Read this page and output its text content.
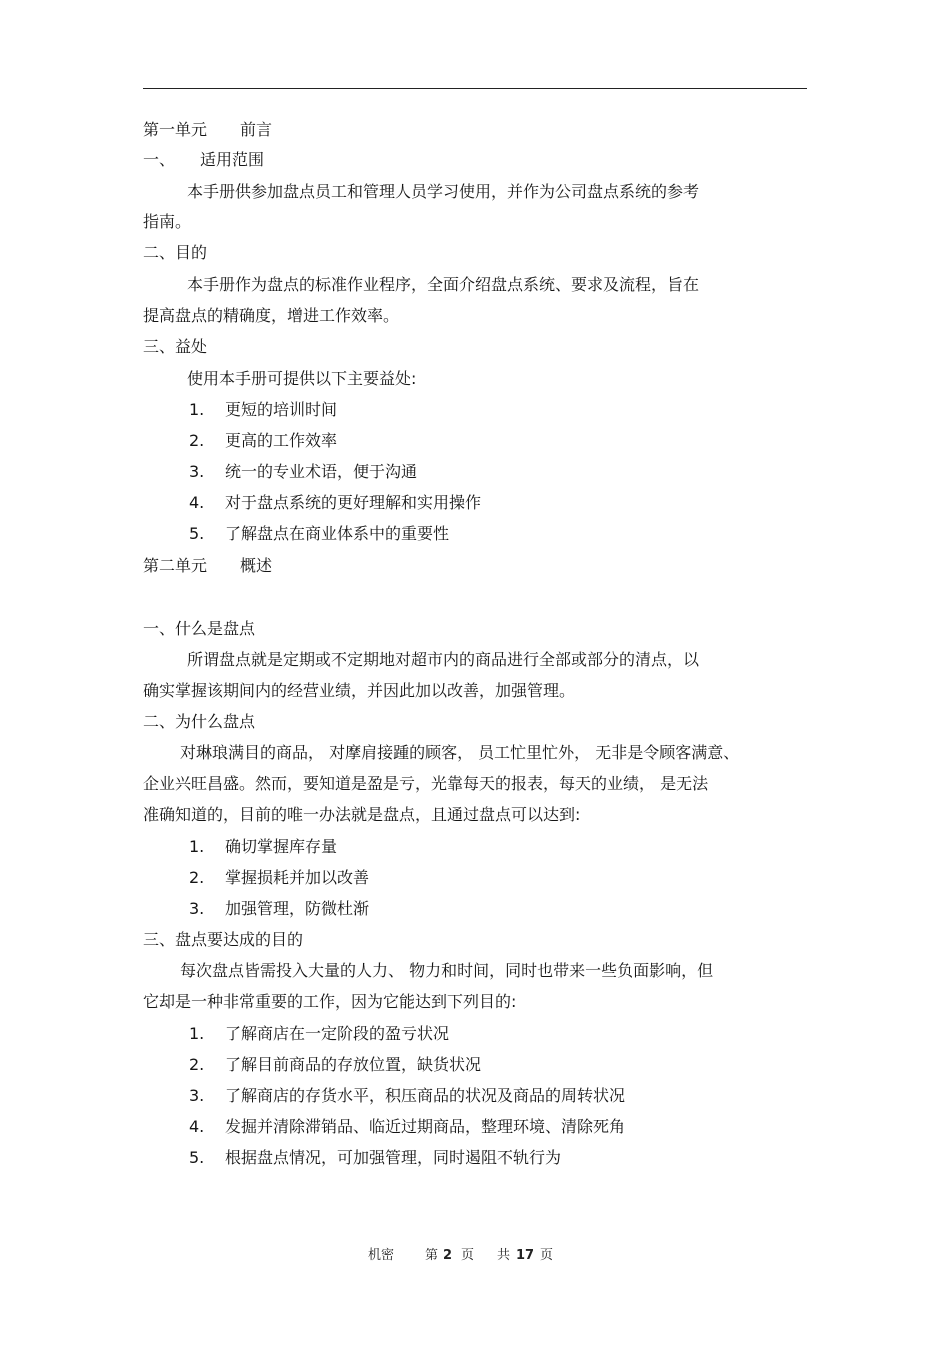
第一单元 前言
一、 适用范围
本手册供参加盘点员工和管理人员学习使用，并作为公司盘点系统的参考
指南。
二、目的
本手册作为盘点的标准作业程序，全面介绍盘点系统、要求及流程，旨在
提高盘点的精确度，增进工作效率。
三、益处
使用本手册可提供以下主要益处:
1. 更短的培训时间
2. 更高的工作效率
3. 统一的专业术语，便于沟通
4. 对于盘点系统的更好理解和实用操作
5. 了解盘点在商业体系中的重要性
第二单元 概述
一、什么是盘点
所谓盘点就是定期或不定期地对超市内的商品进行全部或部分的清点，以
确实掌握该期间内的经营业绩，并因此加以改善，加强管理。
二、为什么盘点
对琳琅满目的商品， 对摩肩接踵的顾客， 员工忙里忙外， 无非是令顾客满意、
企业兴旺昌盛。然而，要知道是盈是亏，光靠每天的报表，每天的业绩， 是无法
准确知道的，目前的唯一办法就是盘点，且通过盘点可以达到:
1. 确切掌握库存量
2. 掌握损耗并加以改善
3. 加强管理，防微杜渐
三、盘点要达成的目的
每次盘点皆需投入大量的人力、 物力和时间，同时也带来一些负面影响，但
它却是一种非常重要的工作，因为它能达到下列目的:
1. 了解商店在一定阶段的盈亏状况
2. 了解目前商品的存放位置，缺货状况
3. 了解商店的存货水平，积压商品的状况及商品的周转状况
4. 发掘并清除滞销品、临近过期商品，整理环境、清除死角
5. 根据盘点情况，可加强管理，同时遏阻不轨行为
机密 第 2 页 共 17 页
